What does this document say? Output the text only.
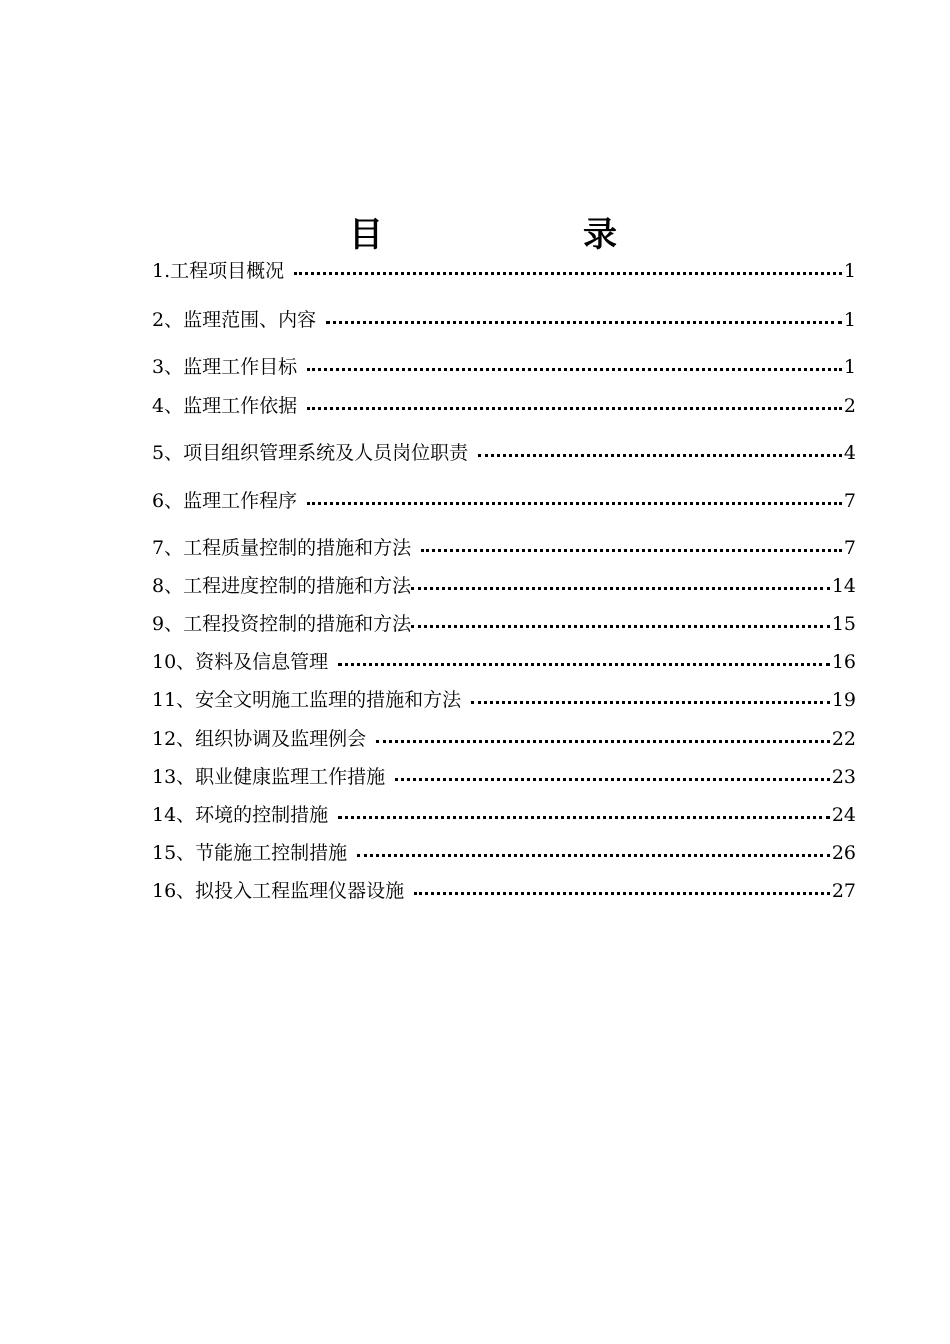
目　　录
1.工程项目概况	1
2、监理范围、内容	1
3、监理工作目标	1
4、监理工作依据	2
5、项目组织管理系统及人员岗位职责	4
6、监理工作程序	7
7、工程质量控制的措施和方法	7
8、工程进度控制的措施和方法	14
9、工程投资控制的措施和方法	15
10、资料及信息管理	16
11、安全文明施工监理的措施和方法	19
12、组织协调及监理例会	22
13、职业健康监理工作措施	23
14、环境的控制措施	24
15、节能施工控制措施	26
16、拟投入工程监理仪器设施	27
